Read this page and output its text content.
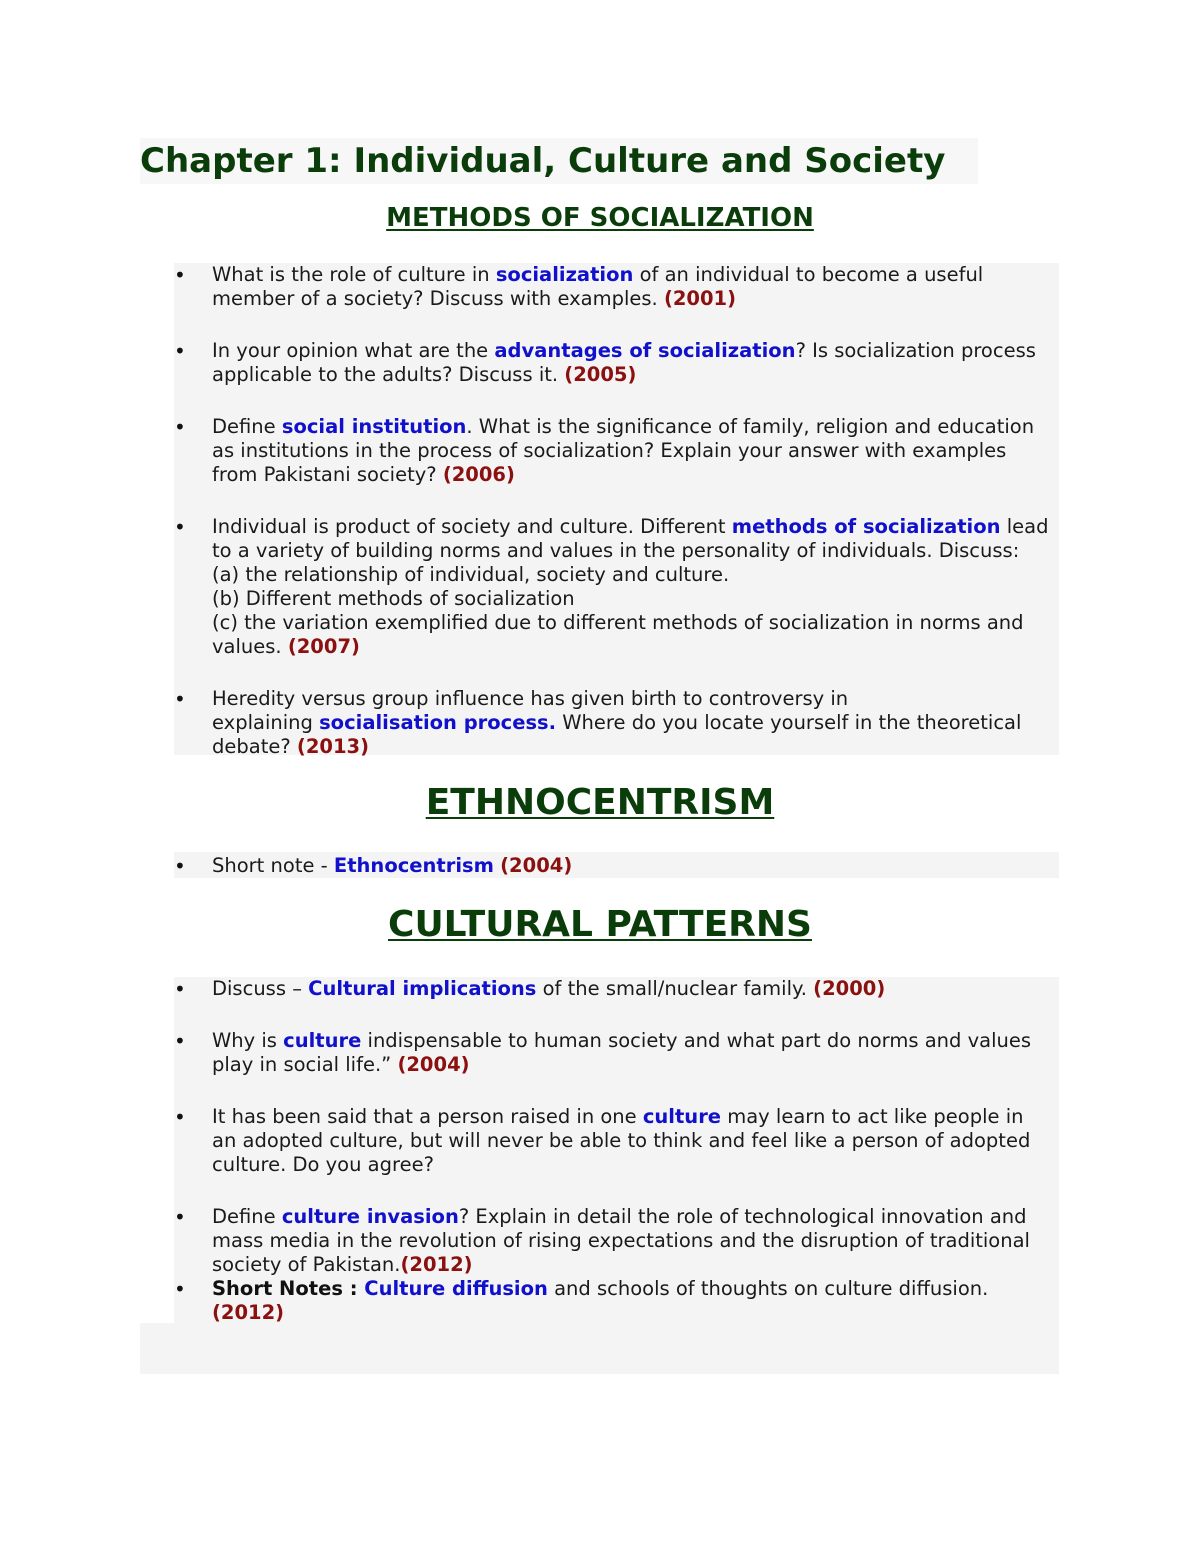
Chapter 1: Individual, Culture and Society
METHODS OF SOCIALIZATION
• What is the role of culture in socialization of an individual to become a useful
member of a society? Discuss with examples. (2001)
• In your opinion what are the advantages of socialization? Is socialization process
applicable to the adults? Discuss it. (2005)
• Define social institution. What is the significance of family, religion and education
as institutions in the process of socialization? Explain your answer with examples
from Pakistani society? (2006)
• Individual is product of society and culture. Different methods of socialization lead
to a variety of building norms and values in the personality of individuals. Discuss:
(a) the relationship of individual, society and culture.
(b) Different methods of socialization
(c) the variation exemplified due to different methods of socialization in norms and
values. (2007)
• Heredity versus group influence has given birth to controversy in
explaining socialisation process. Where do you locate yourself in the theoretical
debate? (2013)
ETHNOCENTRISM
• Short note - Ethnocentrism (2004)
CULTURAL PATTERNS
• Discuss – Cultural implications of the small/nuclear family. (2000)
• Why is culture indispensable to human society and what part do norms and values
play in social life.” (2004)
• It has been said that a person raised in one culture may learn to act like people in
an adopted culture, but will never be able to think and feel like a person of adopted
culture. Do you agree?
• Define culture invasion? Explain in detail the role of technological innovation and
mass media in the revolution of rising expectations and the disruption of traditional
society of Pakistan.(2012)
• Short Notes : Culture diffusion and schools of thoughts on culture diffusion.
(2012)
